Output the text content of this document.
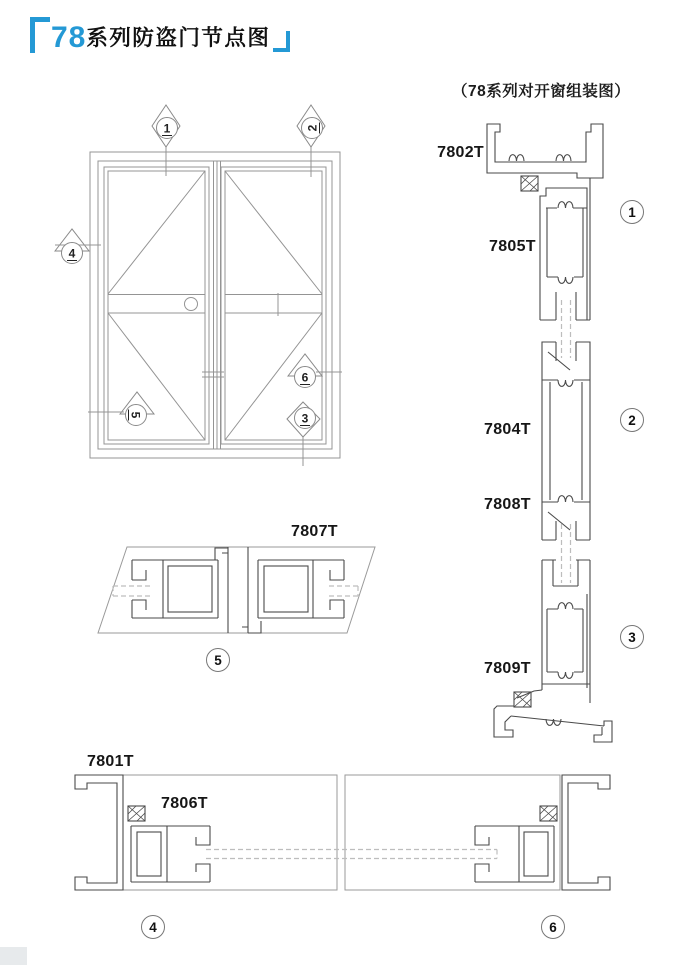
1	2
4
5
6
3
78 系列防盗门节点图
（78系列对开窗组装图）
7802T
7805T
7804T
7808T
7809T
7807T
7801T
7806T
1
2
3
5
4	6
